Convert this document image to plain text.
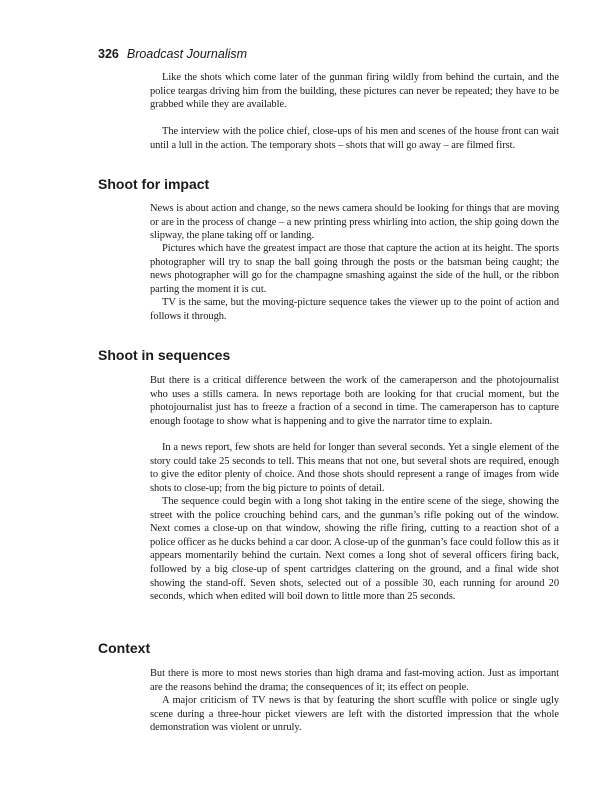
326 Broadcast Journalism

Like the shots which come later of the gunman firing wildly from behind the curtain, and the police teargas driving him from the building, these pictures can never be repeated; they have to be grabbed while they are available.

The interview with the police chief, close-ups of his men and scenes of the house front can wait until a lull in the action. The temporary shots – shots that will go away – are filmed first.

Shoot for impact

News is about action and change, so the news camera should be looking for things that are moving or are in the process of change – a new printing press whirling into action, the ship going down the slipway, the plane taking off or landing.

Pictures which have the greatest impact are those that capture the action at its height. The sports photographer will try to snap the ball going through the posts or the batsman being caught; the news photographer will go for the champagne smashing against the side of the hull, or the ribbon parting the moment it is cut.

TV is the same, but the moving-picture sequence takes the viewer up to the point of action and follows it through.

Shoot in sequences

But there is a critical difference between the work of the cameraperson and the photojournalist who uses a stills camera. In news reportage both are looking for that crucial moment, but the photojournalist just has to freeze a fraction of a second in time. The cameraperson has to capture enough footage to show what is happening and to give the narrator time to explain.

In a news report, few shots are held for longer than several seconds. Yet a single element of the story could take 25 seconds to tell. This means that not one, but several shots are required, enough to give the editor plenty of choice. And those shots should represent a range of images from wide shots to close-up; from the big picture to points of detail.

The sequence could begin with a long shot taking in the entire scene of the siege, showing the street with the police crouching behind cars, and the gunman’s rifle poking out of the window. Next comes a close-up on that window, showing the rifle firing, cutting to a reaction shot of a police officer as he ducks behind a car door. A close-up of the gunman’s face could follow this as it appears momentarily behind the curtain. Next comes a long shot of several officers firing back, followed by a big close-up of spent cartridges clattering on the ground, and a final wide shot showing the stand-off. Seven shots, selected out of a possible 30, each running for around 20 seconds, which when edited will boil down to little more than 25 seconds.

Context

But there is more to most news stories than high drama and fast-moving action. Just as important are the reasons behind the drama; the consequences of it; its effect on people.

A major criticism of TV news is that by featuring the short scuffle with police or single ugly scene during a three-hour picket viewers are left with the distorted impression that the whole demonstration was violent or unruly.
